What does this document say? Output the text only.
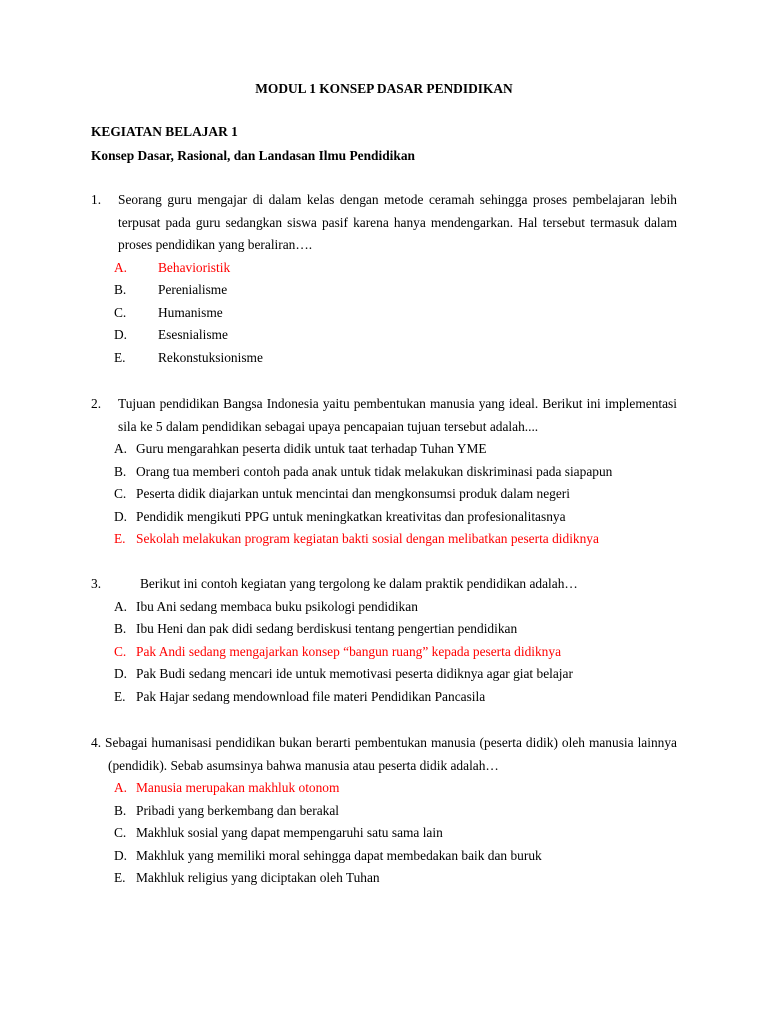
MODUL 1 KONSEP DASAR PENDIDIKAN
KEGIATAN BELAJAR 1
Konsep Dasar, Rasional, dan Landasan Ilmu Pendidikan
1.	Seorang guru mengajar di dalam kelas dengan metode ceramah sehingga proses pembelajaran lebih terpusat pada guru sedangkan siswa pasif karena hanya mendengarkan. Hal tersebut termasuk dalam proses pendidikan yang beraliran….
A.	Behavioristik
B.	Perenialisme
C.	Humanisme
D.	Esesnialisme
E.	Rekonstuksionisme
2.	Tujuan pendidikan Bangsa Indonesia yaitu pembentukan manusia yang ideal. Berikut ini implementasi sila ke 5 dalam pendidikan sebagai upaya pencapaian tujuan tersebut adalah....
A. Guru mengarahkan peserta didik untuk taat terhadap Tuhan YME
B. Orang tua memberi contoh pada anak untuk tidak melakukan diskriminasi pada siapapun
C. Peserta didik diajarkan untuk mencintai dan mengkonsumsi produk dalam negeri
D. Pendidik mengikuti PPG untuk meningkatkan kreativitas dan profesionalitasnya
E. Sekolah melakukan program kegiatan bakti sosial dengan melibatkan peserta didiknya
3.	Berikut ini contoh kegiatan yang tergolong ke dalam praktik pendidikan adalah…
A. Ibu Ani sedang membaca buku psikologi pendidikan
B. Ibu Heni dan pak didi sedang berdiskusi tentang pengertian pendidikan
C. Pak Andi sedang mengajarkan konsep “bangun ruang” kepada peserta didiknya
D. Pak Budi sedang mencari ide untuk memotivasi peserta didiknya agar giat belajar
E. Pak Hajar sedang mendownload file materi Pendidikan Pancasila
4. Sebagai humanisasi pendidikan bukan berarti pembentukan manusia (peserta didik) oleh manusia lainnya (pendidik). Sebab asumsinya bahwa manusia atau peserta didik adalah…
A. Manusia merupakan makhluk otonom
B. Pribadi yang berkembang dan berakal
C. Makhluk sosial yang dapat mempengaruhi satu sama lain
D. Makhluk yang memiliki moral sehingga dapat membedakan baik dan buruk
E. Makhluk religius yang diciptakan oleh Tuhan
